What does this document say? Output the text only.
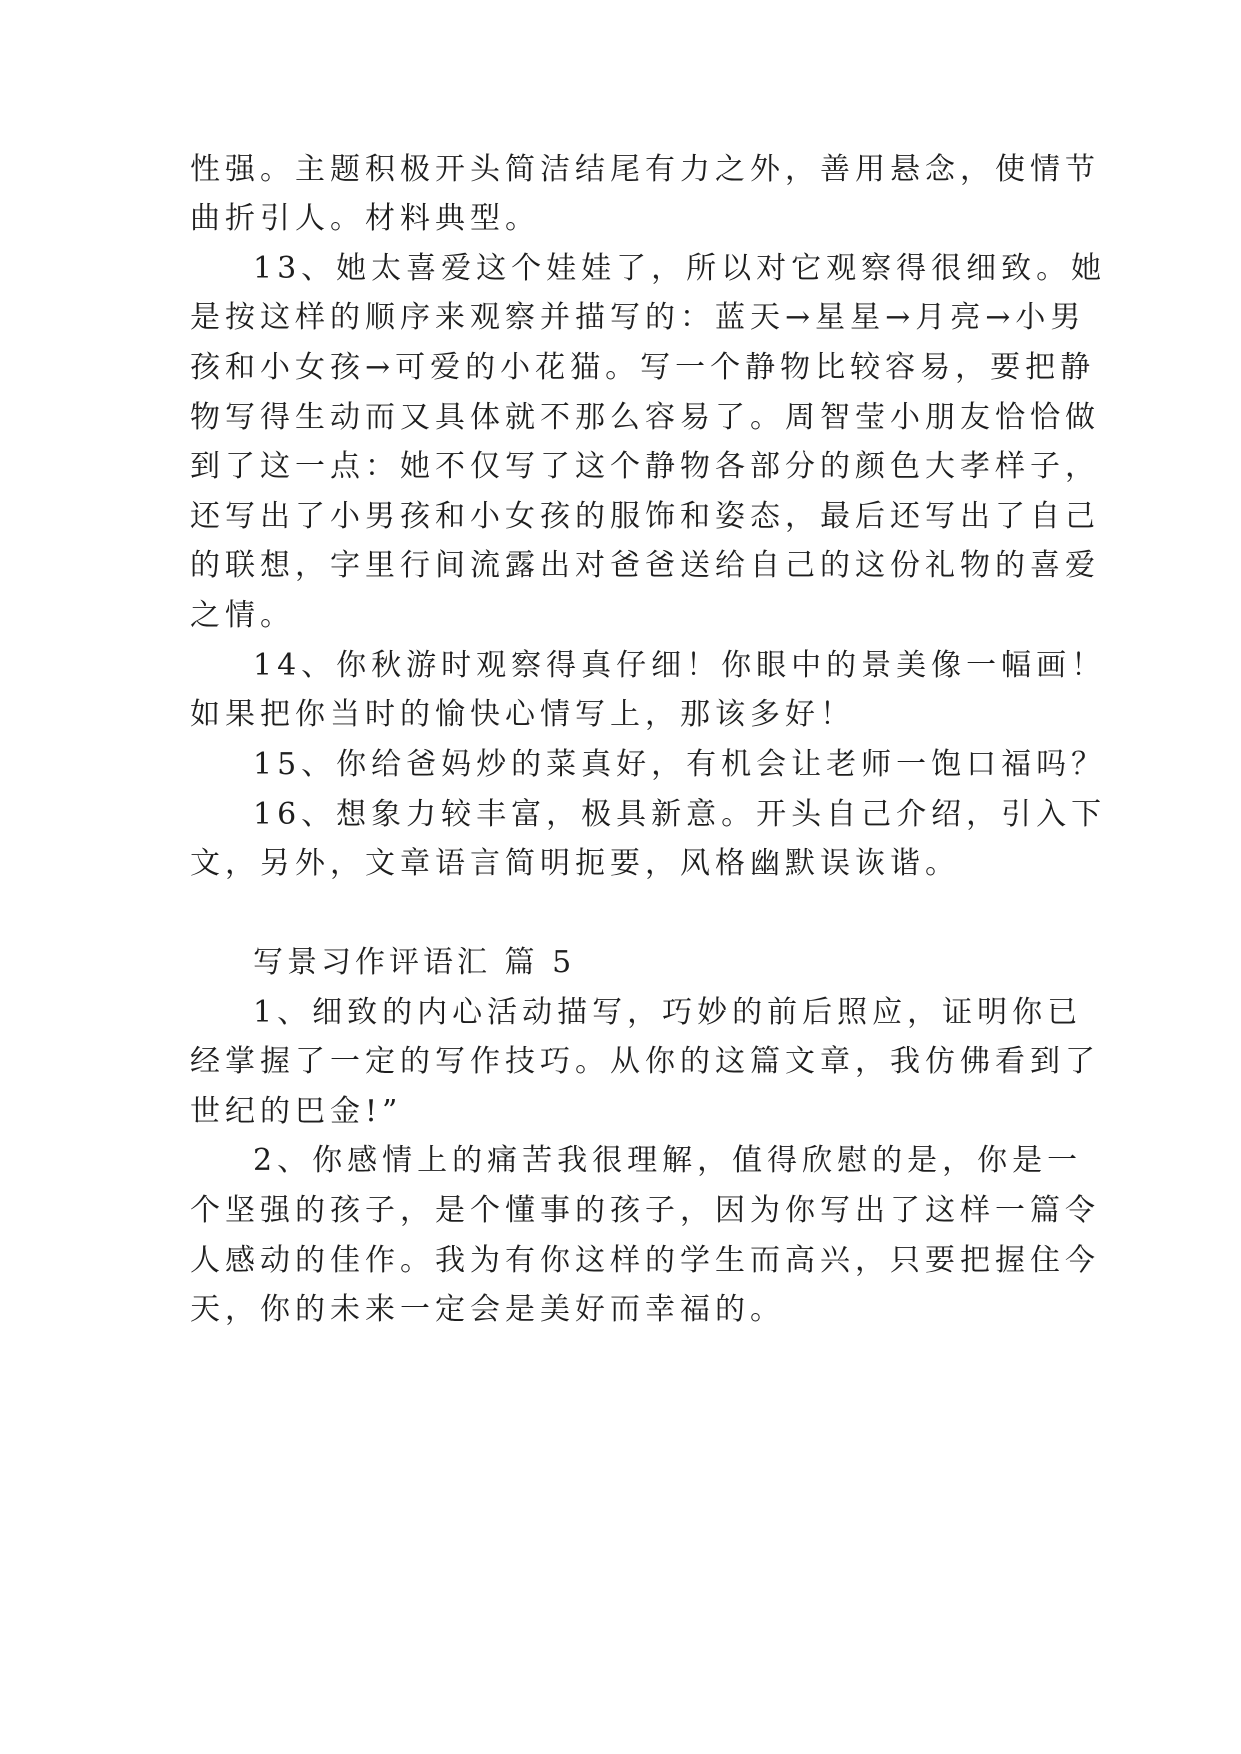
性强。主题积极开头简洁结尾有力之外，善用悬念，使情节
曲折引人。材料典型。
13、她太喜爱这个娃娃了，所以对它观察得很细致。她
是按这样的顺序来观察并描写的：蓝天→星星→月亮→小男
孩和小女孩→可爱的小花猫。写一个静物比较容易，要把静
物写得生动而又具体就不那么容易了。周智莹小朋友恰恰做
到了这一点：她不仅写了这个静物各部分的颜色大孝样子，
还写出了小男孩和小女孩的服饰和姿态，最后还写出了自己
的联想，字里行间流露出对爸爸送给自己的这份礼物的喜爱
之情。
14、你秋游时观察得真仔细！你眼中的景美像一幅画！
如果把你当时的愉快心情写上，那该多好！
15、你给爸妈炒的菜真好，有机会让老师一饱口福吗？
16、想象力较丰富，极具新意。开头自己介绍，引入下
文，另外，文章语言简明扼要，风格幽默误诙谐。
写景习作评语汇 篇 5
1、细致的内心活动描写，巧妙的前后照应，证明你已
经掌握了一定的写作技巧。从你的这篇文章，我仿佛看到了
世纪的巴金!”
2、你感情上的痛苦我很理解，值得欣慰的是，你是一
个坚强的孩子，是个懂事的孩子，因为你写出了这样一篇令
人感动的佳作。我为有你这样的学生而高兴，只要把握住今
天，你的未来一定会是美好而幸福的。
